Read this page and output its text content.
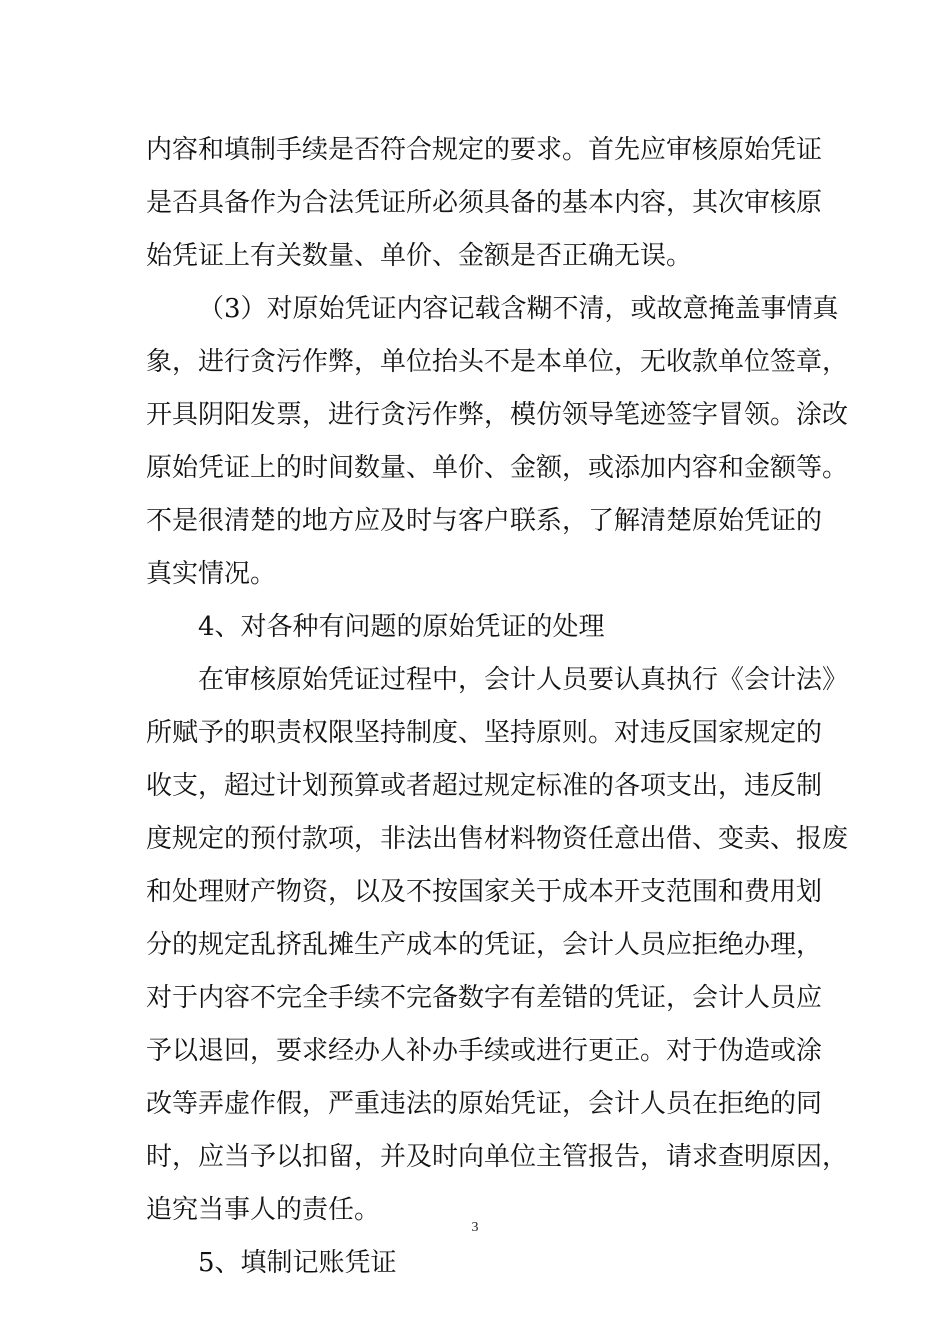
内容和填制手续是否符合规定的要求。首先应审核原始凭证
是否具备作为合法凭证所必须具备的基本内容，其次审核原
始凭证上有关数量、单价、金额是否正确无误。
（3）对原始凭证内容记载含糊不清，或故意掩盖事情真
象，进行贪污作弊，单位抬头不是本单位，无收款单位签章，
开具阴阳发票，进行贪污作弊，模仿领导笔迹签字冒领。涂改
原始凭证上的时间数量、单价、金额，或添加内容和金额等。
不是很清楚的地方应及时与客户联系，了解清楚原始凭证的
真实情况。
4、对各种有问题的原始凭证的处理
在审核原始凭证过程中，会计人员要认真执行《会计法》
所赋予的职责权限坚持制度、坚持原则。对违反国家规定的
收支，超过计划预算或者超过规定标准的各项支出，违反制
度规定的预付款项，非法出售材料物资任意出借、变卖、报废
和处理财产物资，以及不按国家关于成本开支范围和费用划
分的规定乱挤乱摊生产成本的凭证，会计人员应拒绝办理，
对于内容不完全手续不完备数字有差错的凭证，会计人员应
予以退回，要求经办人补办手续或进行更正。对于伪造或涂
改等弄虚作假，严重违法的原始凭证，会计人员在拒绝的同
时，应当予以扣留，并及时向单位主管报告，请求查明原因，
追究当事人的责任。
5、填制记账凭证
3
